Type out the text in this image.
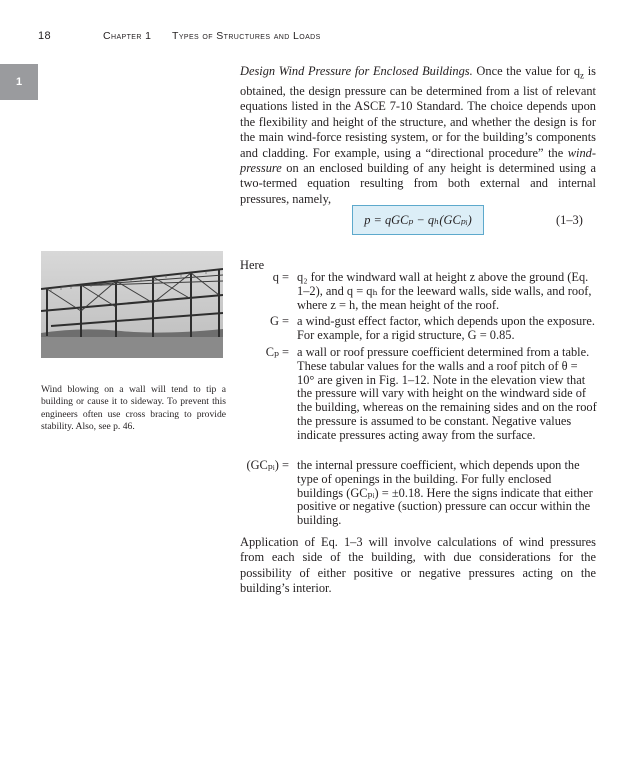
18	Chapter 1 Types of Structures and Loads
1
Design Wind Pressure for Enclosed Buildings. Once the value for $q_z$ is obtained, the design pressure can be determined from a list of relevant equations listed in the ASCE 7-10 Standard. The choice depends upon the flexibility and height of the structure, and whether the design is for the main wind-force resisting system, or for the building’s components and cladding. For example, using a “directional procedure” the wind-pressure on an enclosed building of any height is determined using a two-termed equation resulting from both external and internal pressures, namely,
p = qGCₚ − qₕ(GCₚᵢ)	(1–3)
Wind blowing on a wall will tend to tip a building or cause it to sideway. To prevent this engineers often use cross bracing to provide stability. Also, see p. 46.
Here
q = q₂ for the windward wall at height z above the ground (Eq. 1–2), and q = qₕ for the leeward walls, side walls, and roof, where z = h, the mean height of the roof.
G = a wind-gust effect factor, which depends upon the exposure. For example, for a rigid structure, G = 0.85.
Cₚ = a wall or roof pressure coefficient determined from a table. These tabular values for the walls and a roof pitch of θ = 10° are given in Fig. 1–12. Note in the elevation view that the pressure will vary with height on the windward side of the building, whereas on the remaining sides and on the roof the pressure is assumed to be constant. Negative values indicate pressures acting away from the surface.
(GCₚᵢ) = the internal pressure coefficient, which depends upon the type of openings in the building. For fully enclosed buildings (GCₚᵢ) = ±0.18. Here the signs indicate that either positive or negative (suction) pressure can occur within the building.
Application of Eq. 1–3 will involve calculations of wind pressures from each side of the building, with due considerations for the possibility of either positive or negative pressures acting on the building’s interior.
